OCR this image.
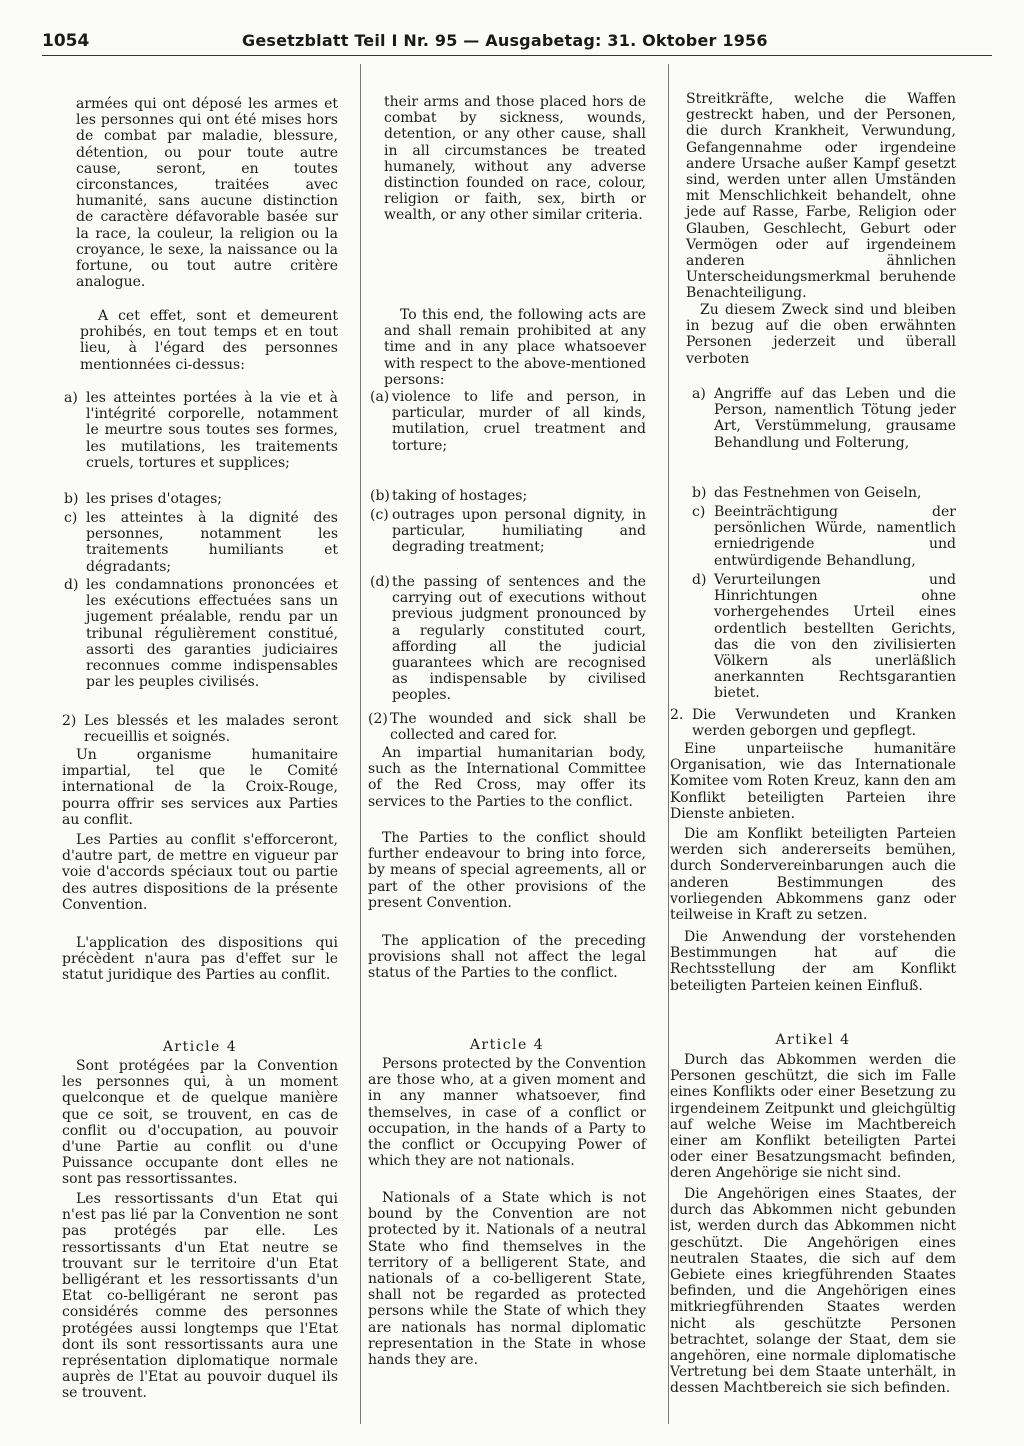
1054	Gesetzblatt Teil I Nr. 95 — Ausgabetag: 31. Oktober 1956

armées qui ont déposé les armes et les personnes qui ont été mises hors de combat par maladie, blessure, détention, ou pour toute autre cause, seront, en toutes circonstances, traitées avec humanité, sans aucune distinction de caractère défavorable basée sur la race, la couleur, la religion ou la croyance, le sexe, la naissance ou la fortune, ou tout autre critère analogue.

A cet effet, sont et demeurent prohibés, en tout temps et en tout lieu, à l'égard des personnes mentionnées ci-dessus:

a) les atteintes portées à la vie et à l'intégrité corporelle, notamment le meurtre sous toutes ses formes, les mutilations, les traitements cruels, tortures et supplices;
b) les prises d'otages;
c) les atteintes à la dignité des personnes, notamment les traitements humiliants et dégradants;
d) les condamnations prononcées et les exécutions effectuées sans un jugement préalable, rendu par un tribunal régulièrement constitué, assorti des garanties judiciaires reconnues comme indispensables par les peuples civilisés.
2) Les blessés et les malades seront recueillis et soignés.

Un organisme humanitaire impartial, tel que le Comité international de la Croix-Rouge, pourra offrir ses services aux Parties au conflit.

Les Parties au conflit s'efforceront, d'autre part, de mettre en vigueur par voie d'accords spéciaux tout ou partie des autres dispositions de la présente Convention.

L'application des dispositions qui précèdent n'aura pas d'effet sur le statut juridique des Parties au conflit.

Article 4

Sont protégées par la Convention les personnes qui, à un moment quelconque et de quelque manière que ce soit, se trouvent, en cas de conflit ou d'occupation, au pouvoir d'une Partie au conflit ou d'une Puissance occupante dont elles ne sont pas ressortissantes.

Les ressortissants d'un Etat qui n'est pas lié par la Convention ne sont pas protégés par elle. Les ressortissants d'un Etat neutre se trouvant sur le territoire d'un Etat belligérant et les ressortissants d'un Etat co-belligérant ne seront pas considérés comme des personnes protégées aussi longtemps que l'Etat dont ils sont ressortissants aura une représentation diplomatique normale auprès de l'Etat au pouvoir duquel ils se trouvent.

their arms and those placed hors de combat by sickness, wounds, detention, or any other cause, shall in all circumstances be treated humanely, without any adverse distinction founded on race, colour, religion or faith, sex, birth or wealth, or any other similar criteria.

To this end, the following acts are and shall remain prohibited at any time and in any place whatsoever with respect to the above-mentioned persons:

(a) violence to life and person, in particular, murder of all kinds, mutilation, cruel treatment and torture;
(b) taking of hostages;
(c) outrages upon personal dignity, in particular, humiliating and degrading treatment;
(d) the passing of sentences and the carrying out of executions without previous judgment pronounced by a regularly constituted court, affording all the judicial guarantees which are recognised as indispensable by civilised peoples.
(2) The wounded and sick shall be collected and cared for.

An impartial humanitarian body, such as the International Committee of the Red Cross, may offer its services to the Parties to the conflict.

The Parties to the conflict should further endeavour to bring into force, by means of special agreements, all or part of the other provisions of the present Convention.

The application of the preceding provisions shall not affect the legal status of the Parties to the conflict.

Article 4

Persons protected by the Convention are those who, at a given moment and in any manner whatsoever, find themselves, in case of a conflict or occupation, in the hands of a Party to the conflict or Occupying Power of which they are not nationals.

Nationals of a State which is not bound by the Convention are not protected by it. Nationals of a neutral State who find themselves in the territory of a belligerent State, and nationals of a co-belligerent State, shall not be regarded as protected persons while the State of which they are nationals has normal diplomatic representation in the State in whose hands they are.

Streitkräfte, welche die Waffen gestreckt haben, und der Personen, die durch Krankheit, Verwundung, Gefangennahme oder irgendeine andere Ursache außer Kampf gesetzt sind, werden unter allen Umständen mit Menschlichkeit behandelt, ohne jede auf Rasse, Farbe, Religion oder Glauben, Geschlecht, Geburt oder Vermögen oder auf irgendeinem anderen ähnlichen Unterscheidungsmerkmal beruhende Benachteiligung.

Zu diesem Zweck sind und bleiben in bezug auf die oben erwähnten Personen jederzeit und überall verboten

a) Angriffe auf das Leben und die Person, namentlich Tötung jeder Art, Verstümmelung, grausame Behandlung und Folterung,
b) das Festnehmen von Geiseln,
c) Beeinträchtigung der persönlichen Würde, namentlich erniedrigende und entwürdigende Behandlung,
d) Verurteilungen und Hinrichtungen ohne vorhergehendes Urteil eines ordentlich bestellten Gerichts, das die von den zivilisierten Völkern als unerläßlich anerkannten Rechtsgarantien bietet.
2. Die Verwundeten und Kranken werden geborgen und gepflegt.

Eine unparteiische humanitäre Organisation, wie das Internationale Komitee vom Roten Kreuz, kann den am Konflikt beteiligten Parteien ihre Dienste anbieten.

Die am Konflikt beteiligten Parteien werden sich andererseits bemühen, durch Sondervereinbarungen auch die anderen Bestimmungen des vorliegenden Abkommens ganz oder teilweise in Kraft zu setzen.

Die Anwendung der vorstehenden Bestimmungen hat auf die Rechtsstellung der am Konflikt beteiligten Parteien keinen Einfluß.

Artikel 4

Durch das Abkommen werden die Personen geschützt, die sich im Falle eines Konflikts oder einer Besetzung zu irgendeinem Zeitpunkt und gleichgültig auf welche Weise im Machtbereich einer am Konflikt beteiligten Partei oder einer Besatzungsmacht befinden, deren Angehörige sie nicht sind.

Die Angehörigen eines Staates, der durch das Abkommen nicht gebunden ist, werden durch das Abkommen nicht geschützt. Die Angehörigen eines neutralen Staates, die sich auf dem Gebiete eines kriegführenden Staates befinden, und die Angehörigen eines mitkriegführenden Staates werden nicht als geschützte Personen betrachtet, solange der Staat, dem sie angehören, eine normale diplomatische Vertretung bei dem Staate unterhält, in dessen Machtbereich sie sich befinden.
